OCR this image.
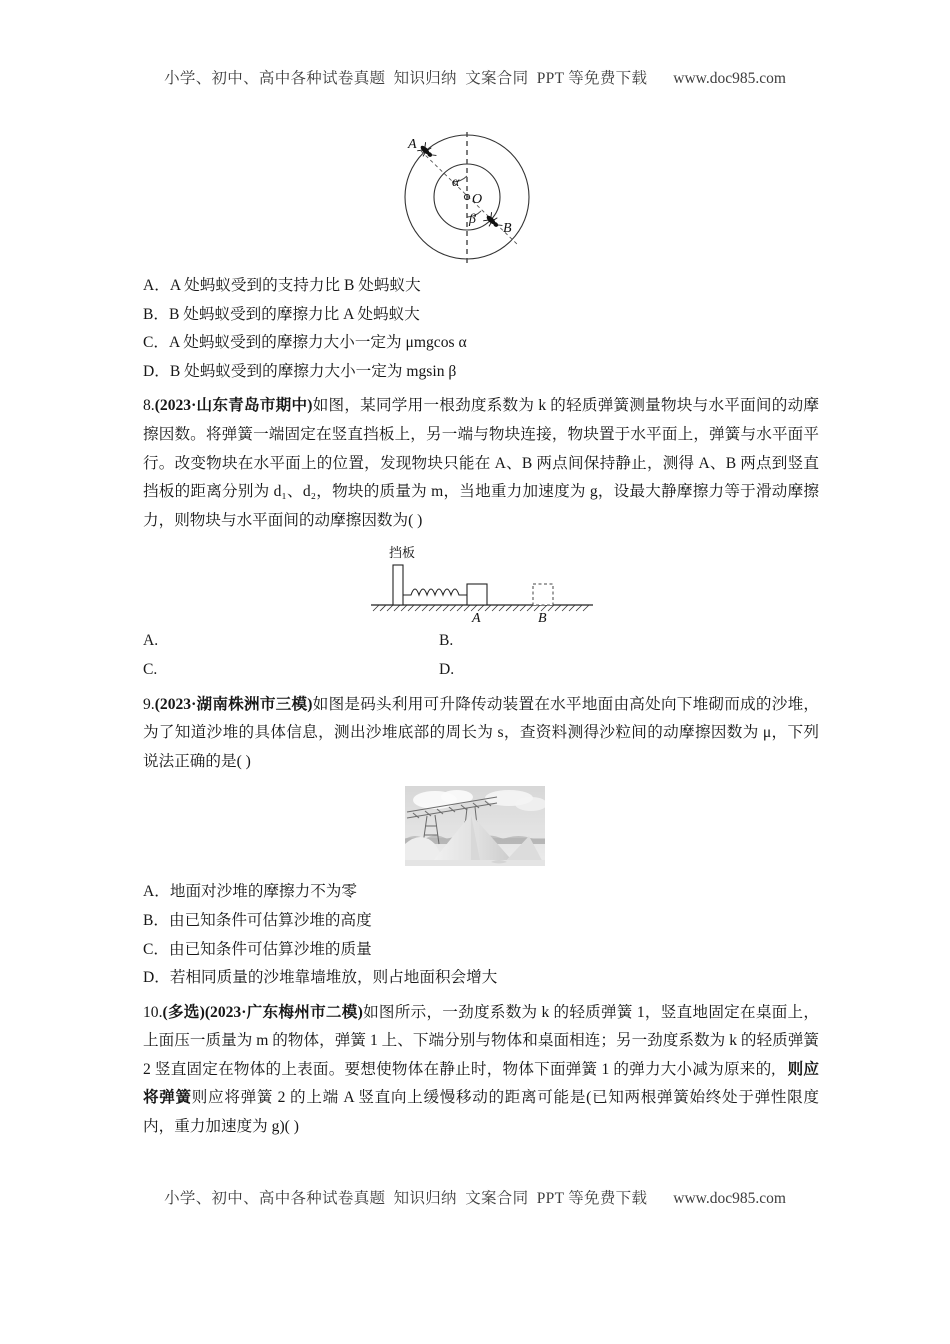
小学、初中、高中各种试卷真题  知识归纳  文案合同  PPT 等免费下载 www.doc985.com
O
A
B
α
β

A．A 处蚂蚁受到的支持力比 B 处蚂蚁大

B．B 处蚂蚁受到的摩擦力比 A 处蚂蚁大

C．A 处蚂蚁受到的摩擦力大小一定为 μmgcos α

D．B 处蚂蚁受到的摩擦力大小一定为 mgsin β

8.(2023·山东青岛市期中)如图，某同学用一根劲度系数为 k 的轻质弹簧测量物块与水平面间的动摩擦因数。将弹簧一端固定在竖直挡板上，另一端与物块连接，物块置于水平面上，弹簧与水平面平行。改变物块在水平面上的位置，发现物块只能在 A、B 两点间保持静止，测得 A、B 两点到竖直挡板的距离分别为 d₁、d₂，物块的质量为 m，当地重力加速度为 g，设最大静摩擦力等于滑动摩擦力，则物块与水平面间的动摩擦因数为( )

挡板
A	B
A.	B.
C.	D.

9.(2023·湖南株洲市三模)如图是码头利用可升降传动装置在水平地面由高处向下堆砌而成的沙堆，为了知道沙堆的具体信息，测出沙堆底部的周长为 s，查资料测得沙粒间的动摩擦因数为 μ，下列说法正确的是( )

A．地面对沙堆的摩擦力不为零

B．由已知条件可估算沙堆的高度

C．由已知条件可估算沙堆的质量

D．若相同质量的沙堆靠墙堆放，则占地面积会增大

10.(多选)(2023·广东梅州市二模)如图所示，一劲度系数为 k 的轻质弹簧 1，竖直地固定在桌面上，上面压一质量为 m 的物体，弹簧 1 上、下端分别与物体和桌面相连；另一劲度系数为 k 的轻质弹簧 2 竖直固定在物体的上表面。要想使物体在静止时，物体下面弹簧 1 的弹力大小减为原来的,   则应将弹簧则应将弹簧 2 的上端 A 竖直向上缓慢移动的距离可能是(已知两根弹簧始终处于弹性限度内，重力加速度为 g)( )

小学、初中、高中各种试卷真题  知识归纳  文案合同  PPT 等免费下载 www.doc985.com
